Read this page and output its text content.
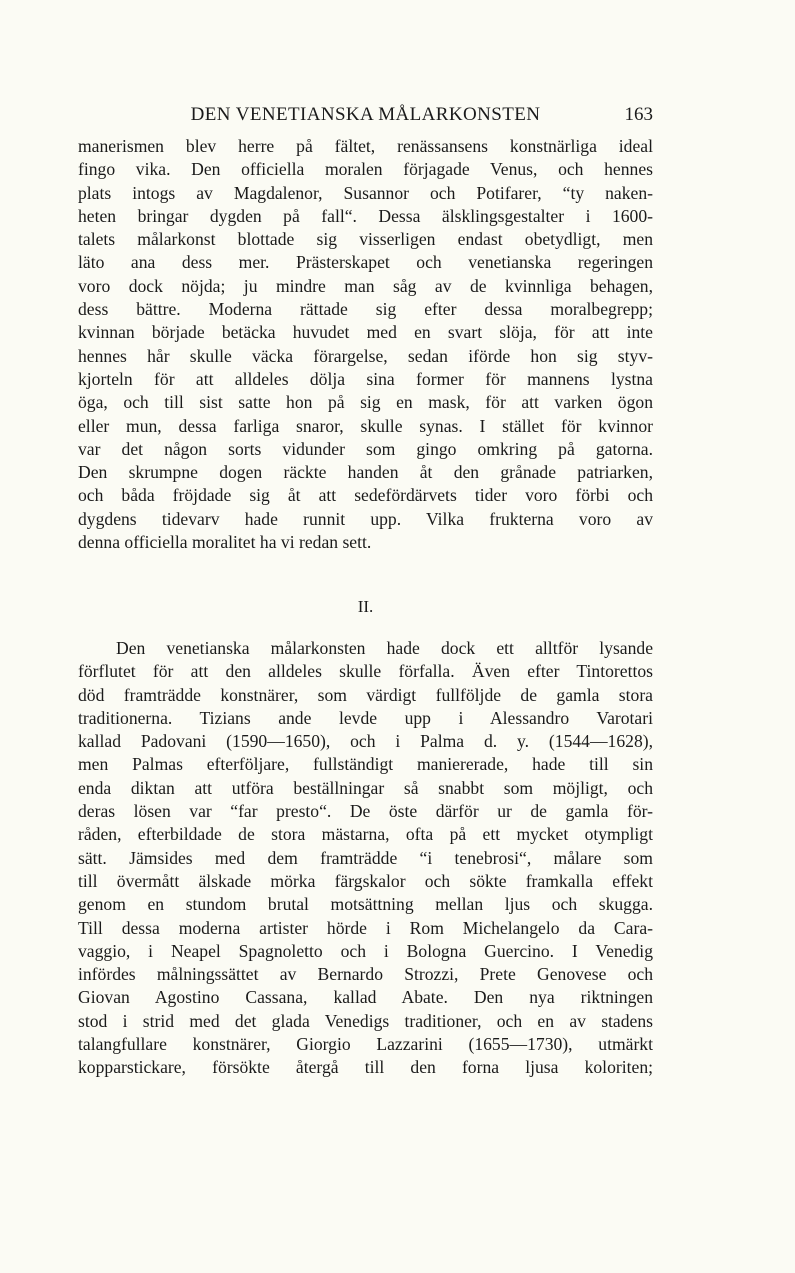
DEN VENETIANSKA MÅLARKONSTEN	163
manerismen blev herre på fältet, renässansens konstnärliga ideal
fingo vika. Den officiella moralen förjagade Venus, och hennes
plats intogs av Magdalenor, Susannor och Potifarer, “ty naken-
heten bringar dygden på fall“. Dessa älsklingsgestalter i 1600-
talets målarkonst blottade sig visserligen endast obetydligt, men
läto ana dess mer. Prästerskapet och venetianska regeringen
voro dock nöjda; ju mindre man såg av de kvinnliga behagen,
dess bättre. Moderna rättade sig efter dessa moralbegrepp;
kvinnan började betäcka huvudet med en svart slöja, för att inte
hennes hår skulle väcka förargelse, sedan iförde hon sig styv-
kjorteln för att alldeles dölja sina former för mannens lystna
öga, och till sist satte hon på sig en mask, för att varken ögon
eller mun, dessa farliga snaror, skulle synas. I stället för kvinnor
var det någon sorts vidunder som gingo omkring på gatorna.
Den skrumpne dogen räckte handen åt den grånade patriarken,
och båda fröjdade sig åt att sedefördärvets tider voro förbi och
dygdens tidevarv hade runnit upp. Vilka frukterna voro av
denna officiella moralitet ha vi redan sett.
II.
Den venetianska målarkonsten hade dock ett alltför lysande
förflutet för att den alldeles skulle förfalla. Även efter Tintorettos
död framträdde konstnärer, som värdigt fullföljde de gamla stora
traditionerna. Tizians ande levde upp i Alessandro Varotari
kallad Padovani (1590—1650), och i Palma d. y. (1544—1628),
men Palmas efterföljare, fullständigt maniererade, hade till sin
enda diktan att utföra beställningar så snabbt som möjligt, och
deras lösen var “far presto“. De öste därför ur de gamla för-
råden, efterbildade de stora mästarna, ofta på ett mycket otympligt
sätt. Jämsides med dem framträdde “i tenebrosi“, målare som
till övermått älskade mörka färgskalor och sökte framkalla effekt
genom en stundom brutal motsättning mellan ljus och skugga.
Till dessa moderna artister hörde i Rom Michelangelo da Cara-
vaggio, i Neapel Spagnoletto och i Bologna Guercino. I Venedig
infördes målningssättet av Bernardo Strozzi, Prete Genovese och
Giovan Agostino Cassana, kallad Abate. Den nya riktningen
stod i strid med det glada Venedigs traditioner, och en av stadens
talangfullare konstnärer, Giorgio Lazzarini (1655—1730), utmärkt
kopparstickare, försökte återgå till den forna ljusa koloriten;
